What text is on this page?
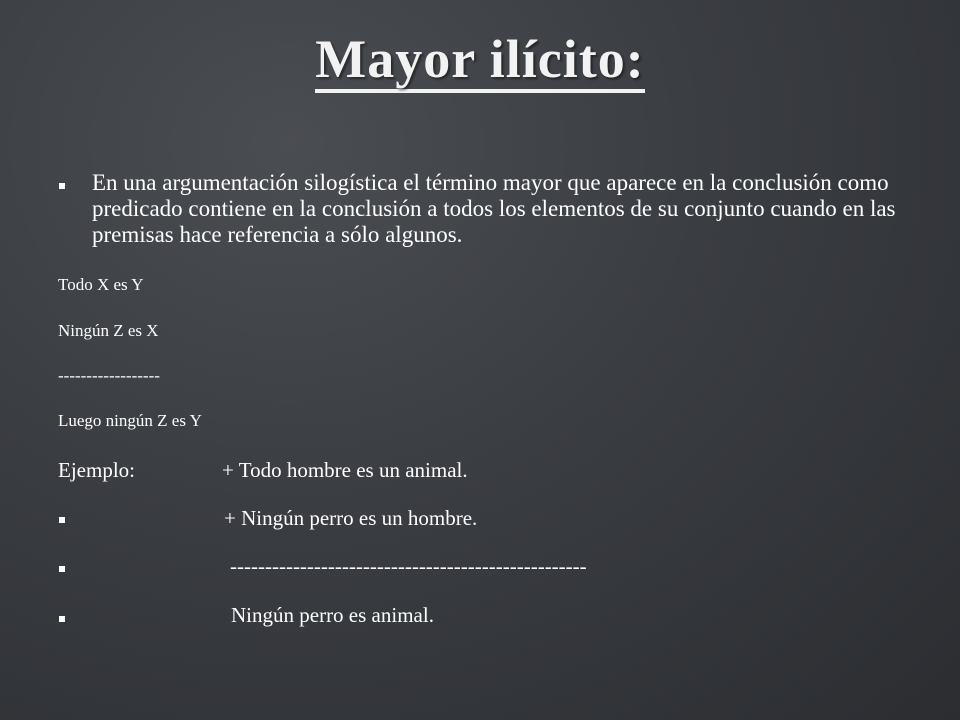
Mayor ilícito:
En una argumentación silogística el término mayor que aparece en la conclusión como predicado contiene en la conclusión a todos los elementos de su conjunto cuando en las premisas hace referencia a sólo algunos.
Todo X es Y
Ningún Z es X
------------------
Luego ningún Z es Y
Ejemplo:	+ Todo hombre es un animal.
+ Ningún perro es un hombre.
---------------------------------------------------
Ningún perro es animal.
